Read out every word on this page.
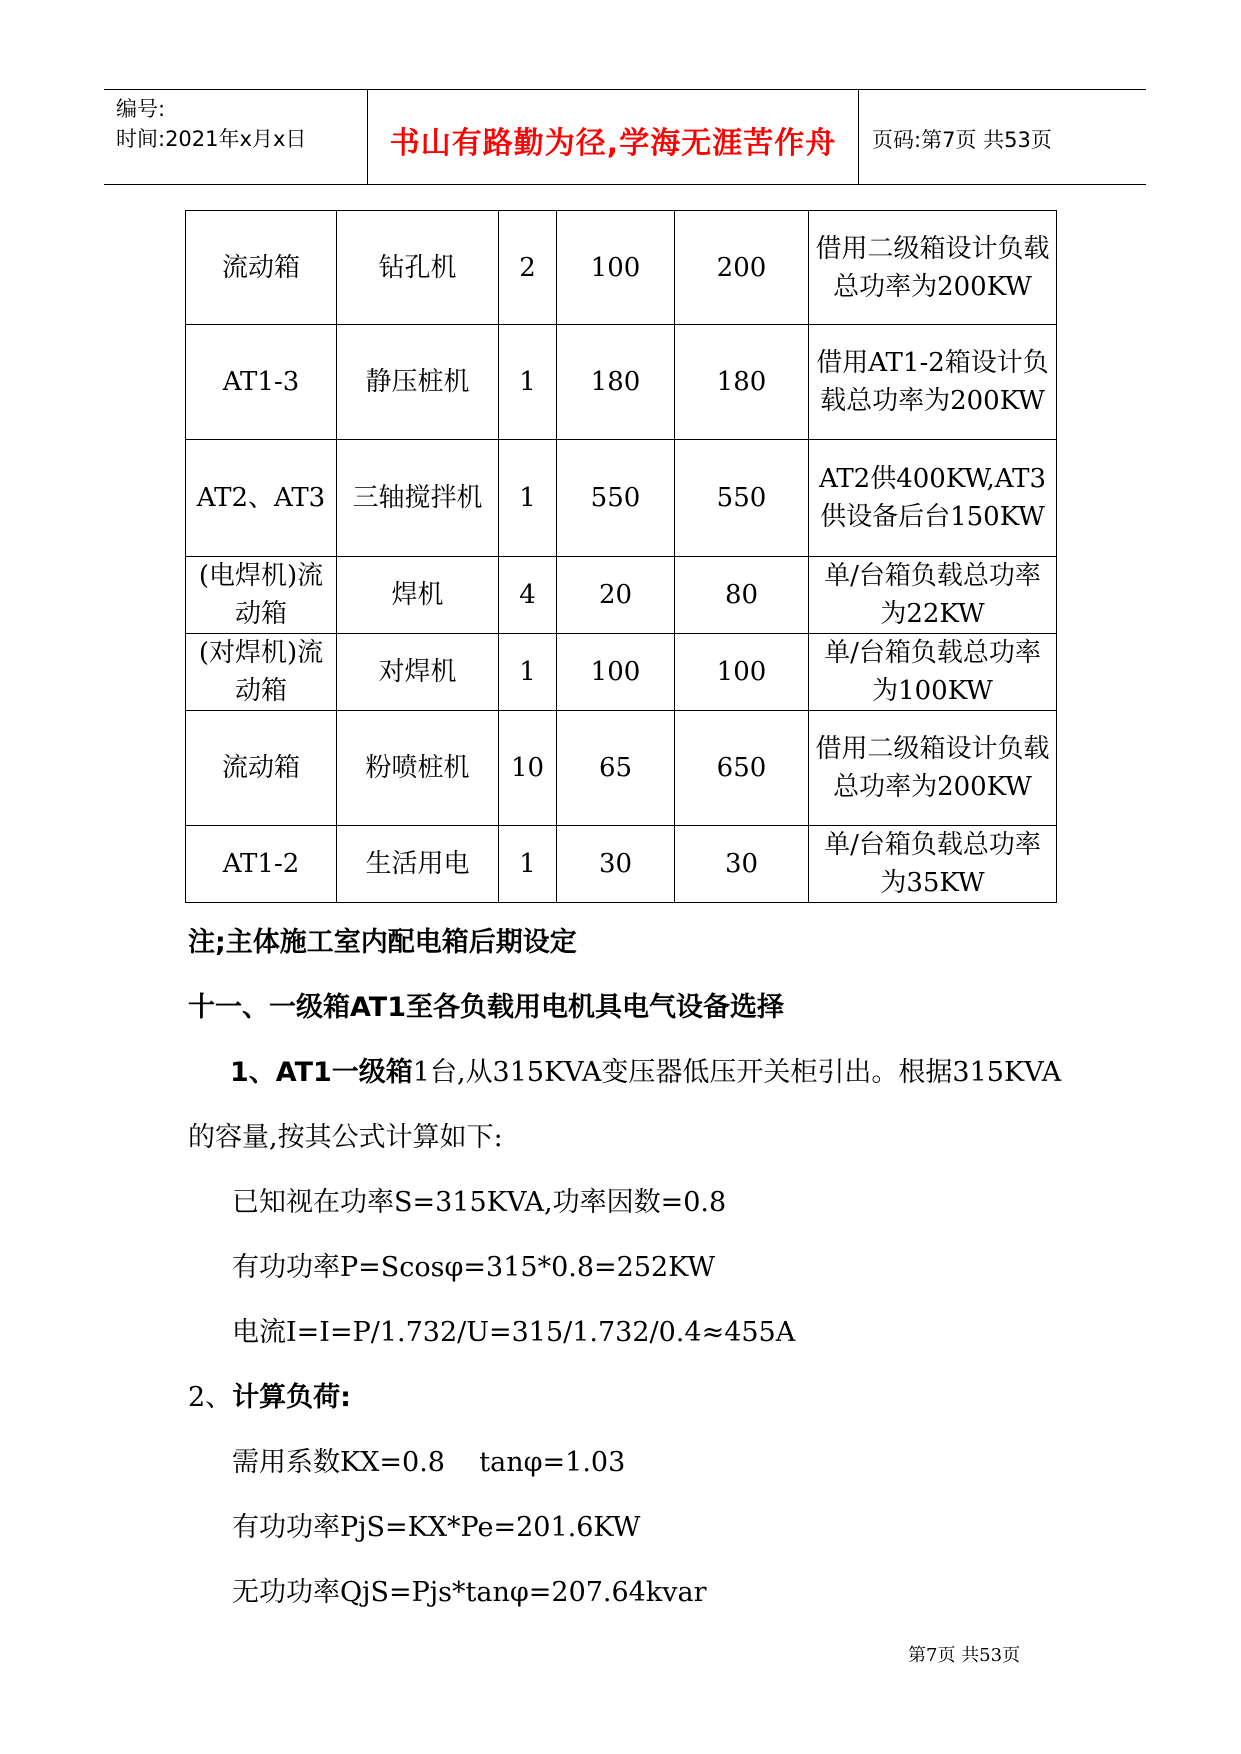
编号:
时间:2021年x月x日	书山有路勤为径,学海无涯苦作舟	页码:第7页 共53页
流动箱	钻孔机	2	100	200	借用二级箱设计负载总功率为200KW
AT1-3	静压桩机	1	180	180	借用AT1-2箱设计负载总功率为200KW
AT2、AT3	三轴搅拌机	1	550	550	AT2供400KW,AT3供设备后台150KW
(电焊机)流动箱	焊机	4	20	80	单/台箱负载总功率为22KW
(对焊机)流动箱	对焊机	1	100	100	单/台箱负载总功率为100KW
流动箱	粉喷桩机	10	65	650	借用二级箱设计负载总功率为200KW
AT1-2	生活用电	1	30	30	单/台箱负载总功率为35KW
注;主体施工室内配电箱后期设定
十一、一级箱AT1至各负载用电机具电气设备选择
1、AT1一级箱1台,从315KVA变压器低压开关柜引出。根据315KVA
的容量,按其公式计算如下:
已知视在功率S=315KVA,功率因数=0.8
有功功率P=Scosφ=315*0.8=252KW
电流I=I=P/1.732/U=315/1.732/0.4≈455A
2、计算负荷:
需用系数KX=0.8    tanφ=1.03
有功功率PjS=KX*Pe=201.6KW
无功功率QjS=Pjs*tanφ=207.64kvar
第7页 共53页
